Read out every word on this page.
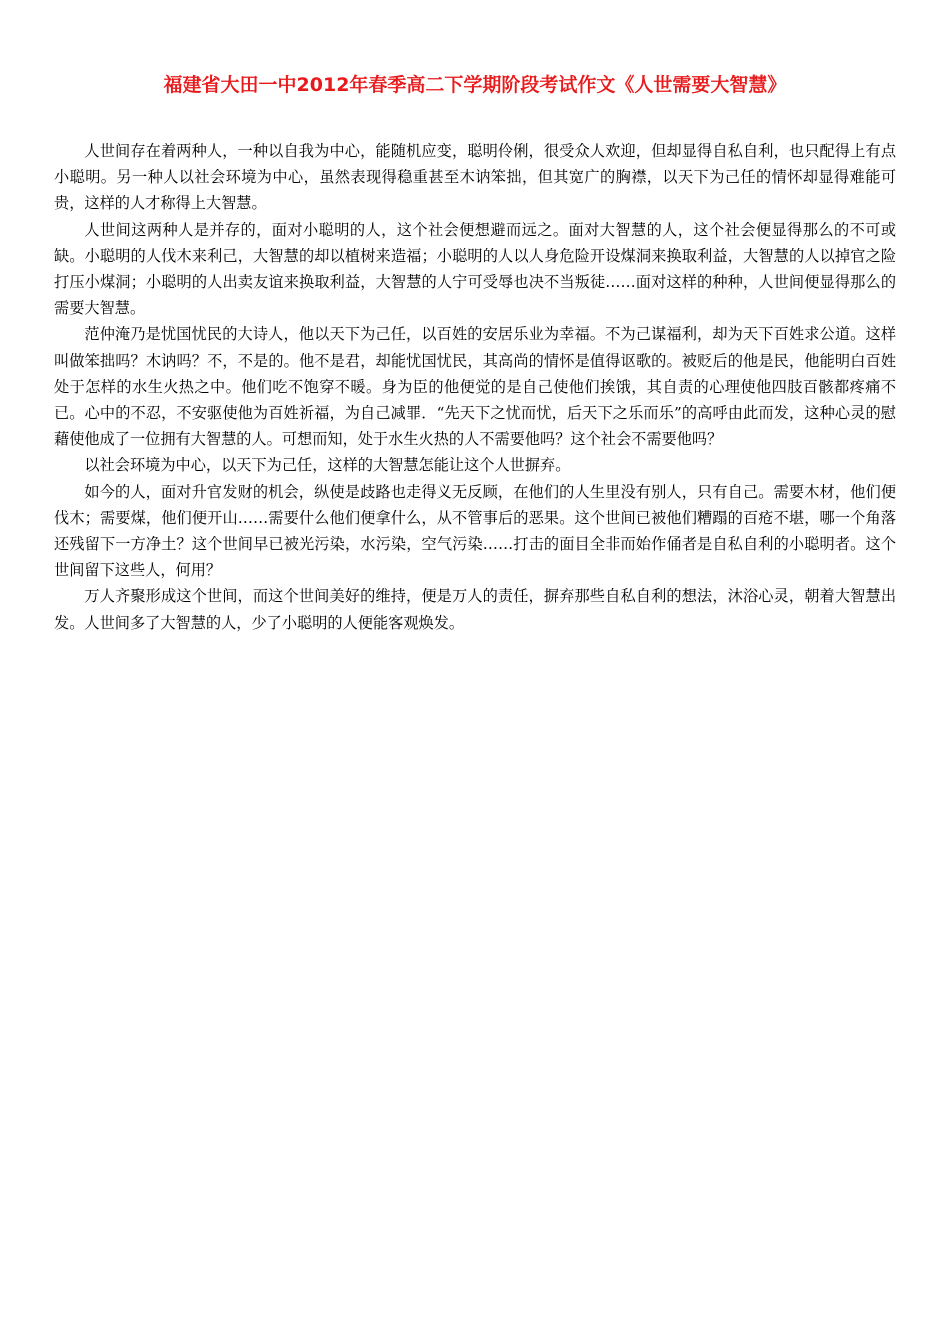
福建省大田一中2012年春季高二下学期阶段考试作文《人世需要大智慧》

人世间存在着两种人，一种以自我为中心，能随机应变，聪明伶俐，很受众人欢迎，但却显得自私自利，也只配得上有点小聪明。另一种人以社会环境为中心，虽然表现得稳重甚至木讷笨拙，但其宽广的胸襟，以天下为己任的情怀却显得难能可贵，这样的人才称得上大智慧。

人世间这两种人是并存的，面对小聪明的人，这个社会便想避而远之。面对大智慧的人，这个社会便显得那么的不可或缺。小聪明的人伐木来利己，大智慧的却以植树来造福；小聪明的人以人身危险开设煤洞来换取利益，大智慧的人以掉官之险打压小煤洞；小聪明的人出卖友谊来换取利益，大智慧的人宁可受辱也决不当叛徒……面对这样的种种，人世间便显得那么的需要大智慧。

范仲淹乃是忧国忧民的大诗人，他以天下为己任，以百姓的安居乐业为幸福。不为己谋福利，却为天下百姓求公道。这样叫做笨拙吗？木讷吗？不，不是的。他不是君，却能忧国忧民，其高尚的情怀是值得讴歌的。被贬后的他是民，他能明白百姓处于怎样的水生火热之中。他们吃不饱穿不暖。身为臣的他便觉的是自己使他们挨饿，其自责的心理使他四肢百骸都疼痛不已。心中的不忍，不安驱使他为百姓祈福，为自己减罪．“先天下之忧而忧，后天下之乐而乐”的高呼由此而发，这种心灵的慰藉使他成了一位拥有大智慧的人。可想而知，处于水生火热的人不需要他吗？这个社会不需要他吗？

以社会环境为中心，以天下为己任，这样的大智慧怎能让这个人世摒弃。

如今的人，面对升官发财的机会，纵使是歧路也走得义无反顾，在他们的人生里没有别人，只有自己。需要木材，他们便伐木；需要煤，他们便开山……需要什么他们便拿什么，从不管事后的恶果。这个世间已被他们糟蹋的百疮不堪，哪一个角落还残留下一方净土？这个世间早已被光污染，水污染，空气污染……打击的面目全非而始作俑者是自私自利的小聪明者。这个世间留下这些人，何用？

万人齐聚形成这个世间，而这个世间美好的维持，便是万人的责任，摒弃那些自私自利的想法，沐浴心灵，朝着大智慧出发。人世间多了大智慧的人，少了小聪明的人便能客观焕发。
